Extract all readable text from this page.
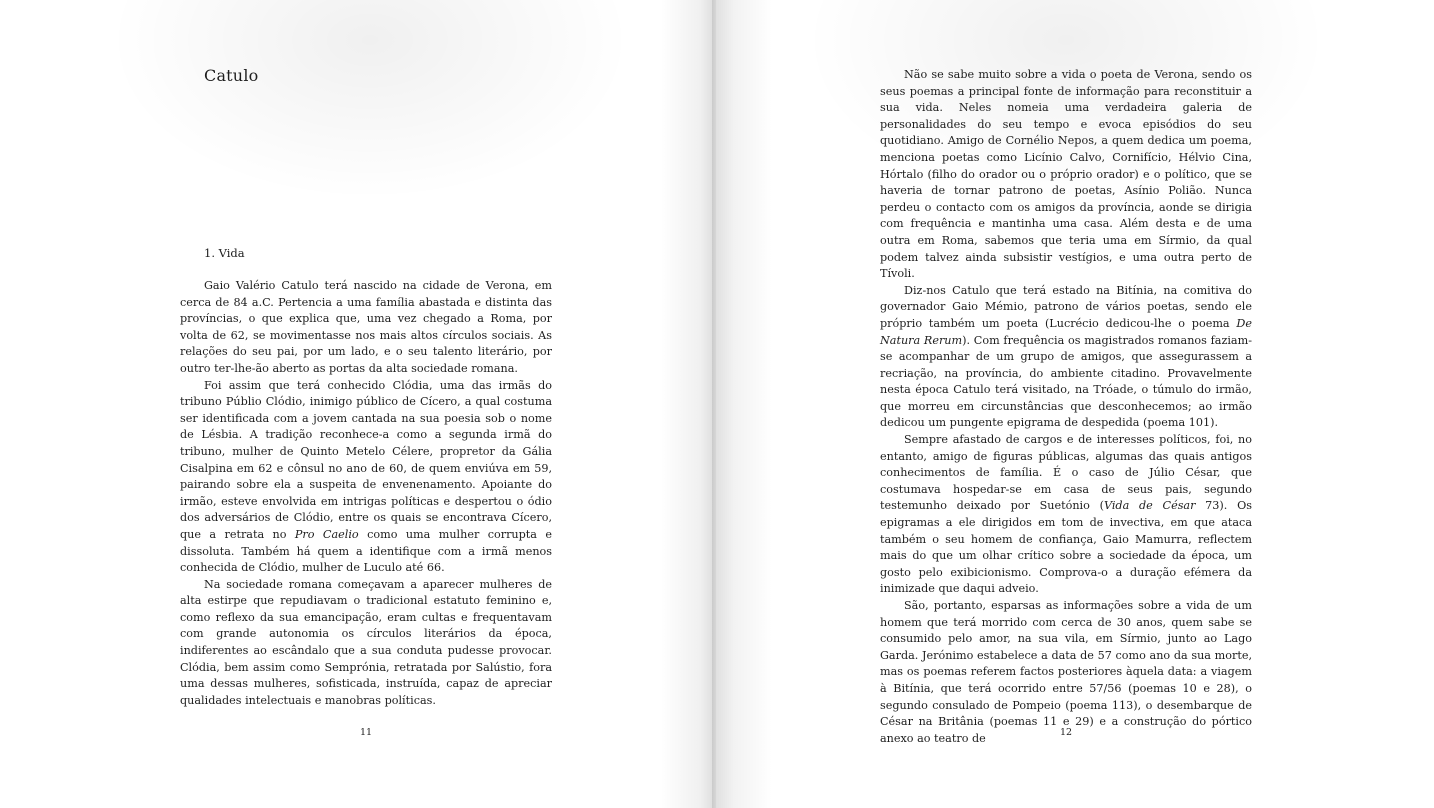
Catulo
1. Vida

Gaio Valério Catulo terá nascido na cidade de Verona, em cerca de 84 a.C. Pertencia a uma família abastada e distinta das províncias, o que explica que, uma vez chegado a Roma, por volta de 62, se movimentasse nos mais altos círculos sociais. As relações do seu pai, por um lado, e o seu talento literário, por outro ter-lhe-ão aberto as portas da alta sociedade romana.

Foi assim que terá conhecido Clódia, uma das irmãs do tribuno Públio Clódio, inimigo público de Cícero, a qual costuma ser identificada com a jovem cantada na sua poesia sob o nome de Lésbia. A tradição reconhece-a como a segunda irmã do tribuno, mulher de Quinto Metelo Célere, propretor da Gália Cisalpina em 62 e cônsul no ano de 60, de quem enviúva em 59, pairando sobre ela a suspeita de envenenamento. Apoiante do irmão, esteve envolvida em intrigas políticas e despertou o ódio dos adversários de Clódio, entre os quais se encontrava Cícero, que a retrata no Pro Caelio como uma mulher corrupta e dissoluta. Também há quem a identifique com a irmã menos conhecida de Clódio, mulher de Luculo até 66.

Na sociedade romana começavam a aparecer mulheres de alta estirpe que repudiavam o tradicional estatuto feminino e, como reflexo da sua emancipação, eram cultas e frequentavam com grande autonomia os círculos literários da época, indiferentes ao escândalo que a sua conduta pudesse provocar. Clódia, bem assim como Semprónia, retratada por Salústio, fora uma dessas mulheres, sofisticada, instruída, capaz de apreciar qualidades intelectuais e manobras políticas.

11

Não se sabe muito sobre a vida o poeta de Verona, sendo os seus poemas a principal fonte de informação para reconstituir a sua vida. Neles nomeia uma verdadeira galeria de personalidades do seu tempo e evoca episódios do seu quotidiano. Amigo de Cornélio Nepos, a quem dedica um poema, menciona poetas como Licínio Calvo, Cornifício, Hélvio Cina, Hórtalo (filho do orador ou o próprio orador) e o político, que se haveria de tornar patrono de poetas, Asínio Polião. Nunca perdeu o contacto com os amigos da província, aonde se dirigia com frequência e mantinha uma casa. Além desta e de uma outra em Roma, sabemos que teria uma em Sírmio, da qual podem talvez ainda subsistir vestígios, e uma outra perto de Tívoli.

Diz-nos Catulo que terá estado na Bitínia, na comitiva do governador Gaio Mémio, patrono de vários poetas, sendo ele próprio também um poeta (Lucrécio dedicou-lhe o poema De Natura Rerum). Com frequência os magistrados romanos faziam-se acompanhar de um grupo de amigos, que assegurassem a recriação, na província, do ambiente citadino. Provavelmente nesta época Catulo terá visitado, na Tróade, o túmulo do irmão, que morreu em circunstâncias que desconhecemos; ao irmão dedicou um pungente epigrama de despedida (poema 101).

Sempre afastado de cargos e de interesses políticos, foi, no entanto, amigo de figuras públicas, algumas das quais antigos conhecimentos de família. É o caso de Júlio César, que costumava hospedar-se em casa de seus pais, segundo testemunho deixado por Suetónio (Vida de César 73). Os epigramas a ele dirigidos em tom de invectiva, em que ataca também o seu homem de confiança, Gaio Mamurra, reflectem mais do que um olhar crítico sobre a sociedade da época, um gosto pelo exibicionismo. Comprova-o a duração efémera da inimizade que daqui adveio.

São, portanto, esparsas as informações sobre a vida de um homem que terá morrido com cerca de 30 anos, quem sabe se consumido pelo amor, na sua vila, em Sírmio, junto ao Lago Garda. Jerónimo estabelece a data de 57 como ano da sua morte, mas os poemas referem factos posteriores àquela data: a viagem à Bitínia, que terá ocorrido entre 57/56 (poemas 10 e 28), o segundo consulado de Pompeio (poema 113), o desembarque de César na Britânia (poemas 11 e 29) e a construção do pórtico anexo ao teatro de	12
